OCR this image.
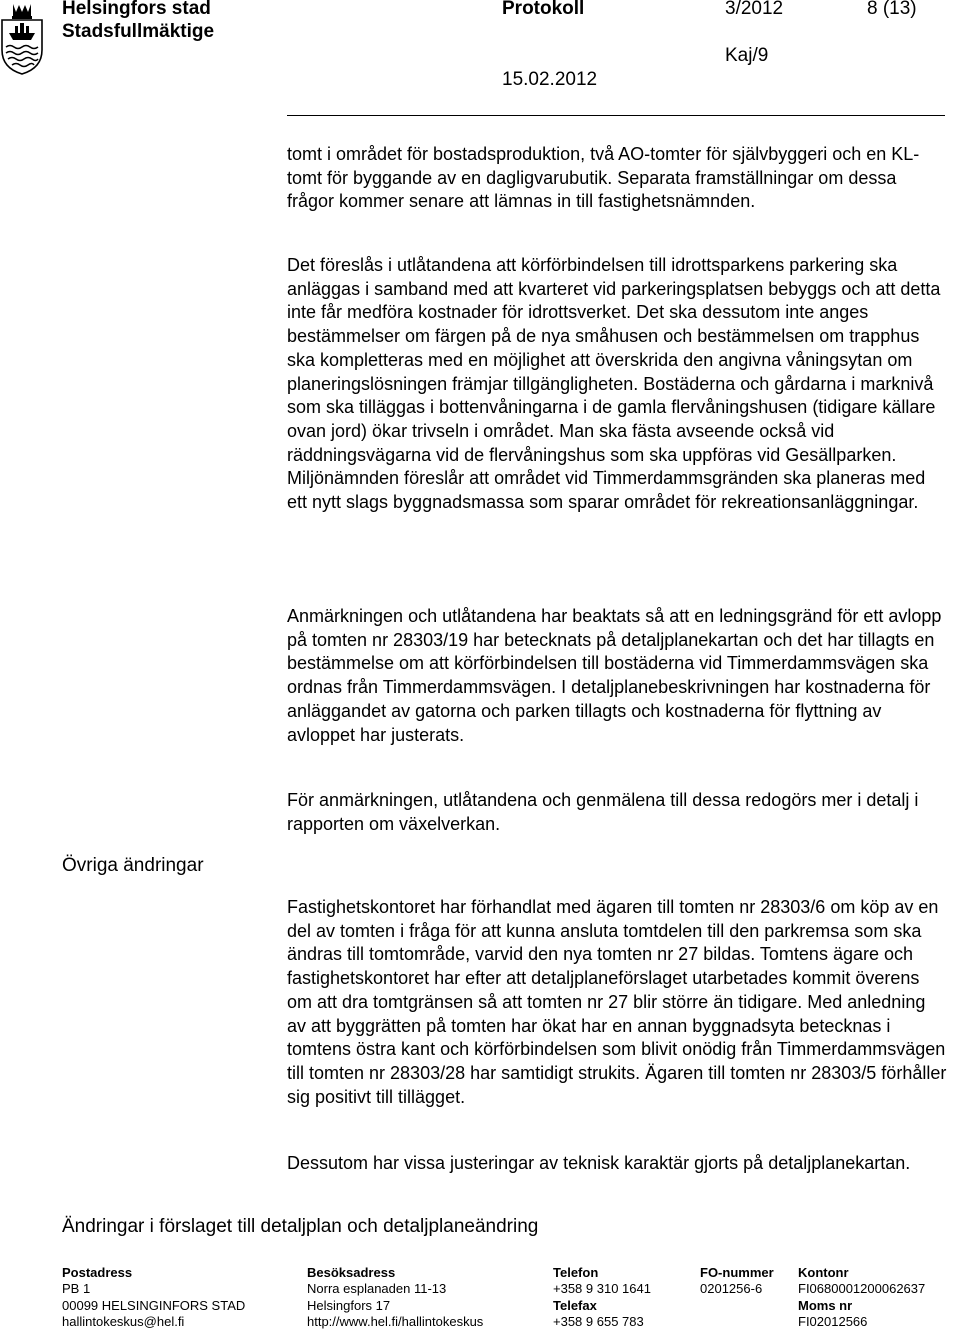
Helsingfors stad
Stadsfullmäktige
Protokoll	3/2012	8 (13)
Kaj/9
15.02.2012

tomt i området för bostadsproduktion, två AO-tomter för självbyggeri och en KL-tomt för byggande av en dagligvarubutik. Separata framställningar om dessa frågor kommer senare att lämnas in till fastighetsnämnden.

Det föreslås i utlåtandena att körförbindelsen till idrottsparkens parkering ska anläggas i samband med att kvarteret vid parkeringsplatsen bebyggs och att detta inte får medföra kostnader för idrottsverket. Det ska dessutom inte anges bestämmelser om färgen på de nya småhusen och bestämmelsen om trapphus ska kompletteras med en möjlighet att överskrida den angivna våningsytan om planeringslösningen främjar tillgängligheten. Bostäderna och gårdarna i marknivå som ska tilläggas i bottenvåningarna i de gamla flervåningshusen (tidigare källare ovan jord) ökar trivseln i området. Man ska fästa avseende också vid räddningsvägarna vid de flervåningshus som ska uppföras vid Gesällparken. Miljönämnden föreslår att området vid Timmerdammsgränden ska planeras med ett nytt slags byggnadsmassa som sparar området för rekreationsanläggningar.

Anmärkningen och utlåtandena har beaktats så att en ledningsgränd för ett avlopp på tomten nr 28303/19 har betecknats på detaljplanekartan och det har tillagts en bestämmelse om att körförbindelsen till bostäderna vid Timmerdammsvägen ska ordnas från Timmerdammsvägen. I detaljplanebeskrivningen har kostnaderna för anläggandet av gatorna och parken tillagts och kostnaderna för flyttning av avloppet har justerats.

För anmärkningen, utlåtandena och genmälena till dessa redogörs mer i detalj i rapporten om växelverkan.

Övriga ändringar

Fastighetskontoret har förhandlat med ägaren till tomten nr 28303/6 om köp av en del av tomten i fråga för att kunna ansluta tomtdelen till den parkremsa som ska ändras till tomtområde, varvid den nya tomten nr 27 bildas. Tomtens ägare och fastighetskontoret har efter att detaljplaneförslaget utarbetades kommit överens om att dra tomtgränsen så att tomten nr 27 blir större än tidigare. Med anledning av att byggrätten på tomten har ökat har en annan byggnadsyta betecknas i tomtens östra kant och körförbindelsen som blivit onödig från Timmerdammsvägen till tomten nr 28303/28 har samtidigt strukits. Ägaren till tomten nr 28303/5 förhåller sig positivt till tillägget.

Dessutom har vissa justeringar av teknisk karaktär gjorts på detaljplanekartan.

Ändringar i förslaget till detaljplan och detaljplaneändring
Postadress
PB 1
00099 HELSINGINFORS STAD
hallintokeskus@hel.fi
Besöksadress
Norra esplanaden 11-13
Helsingfors 17
http://www.hel.fi/hallintokeskus
Telefon
+358 9 310 1641
Telefax
+358 9 655 783
FO-nummer
0201256-6
Kontonr
FI0680001200062637
Moms nr
FI02012566
